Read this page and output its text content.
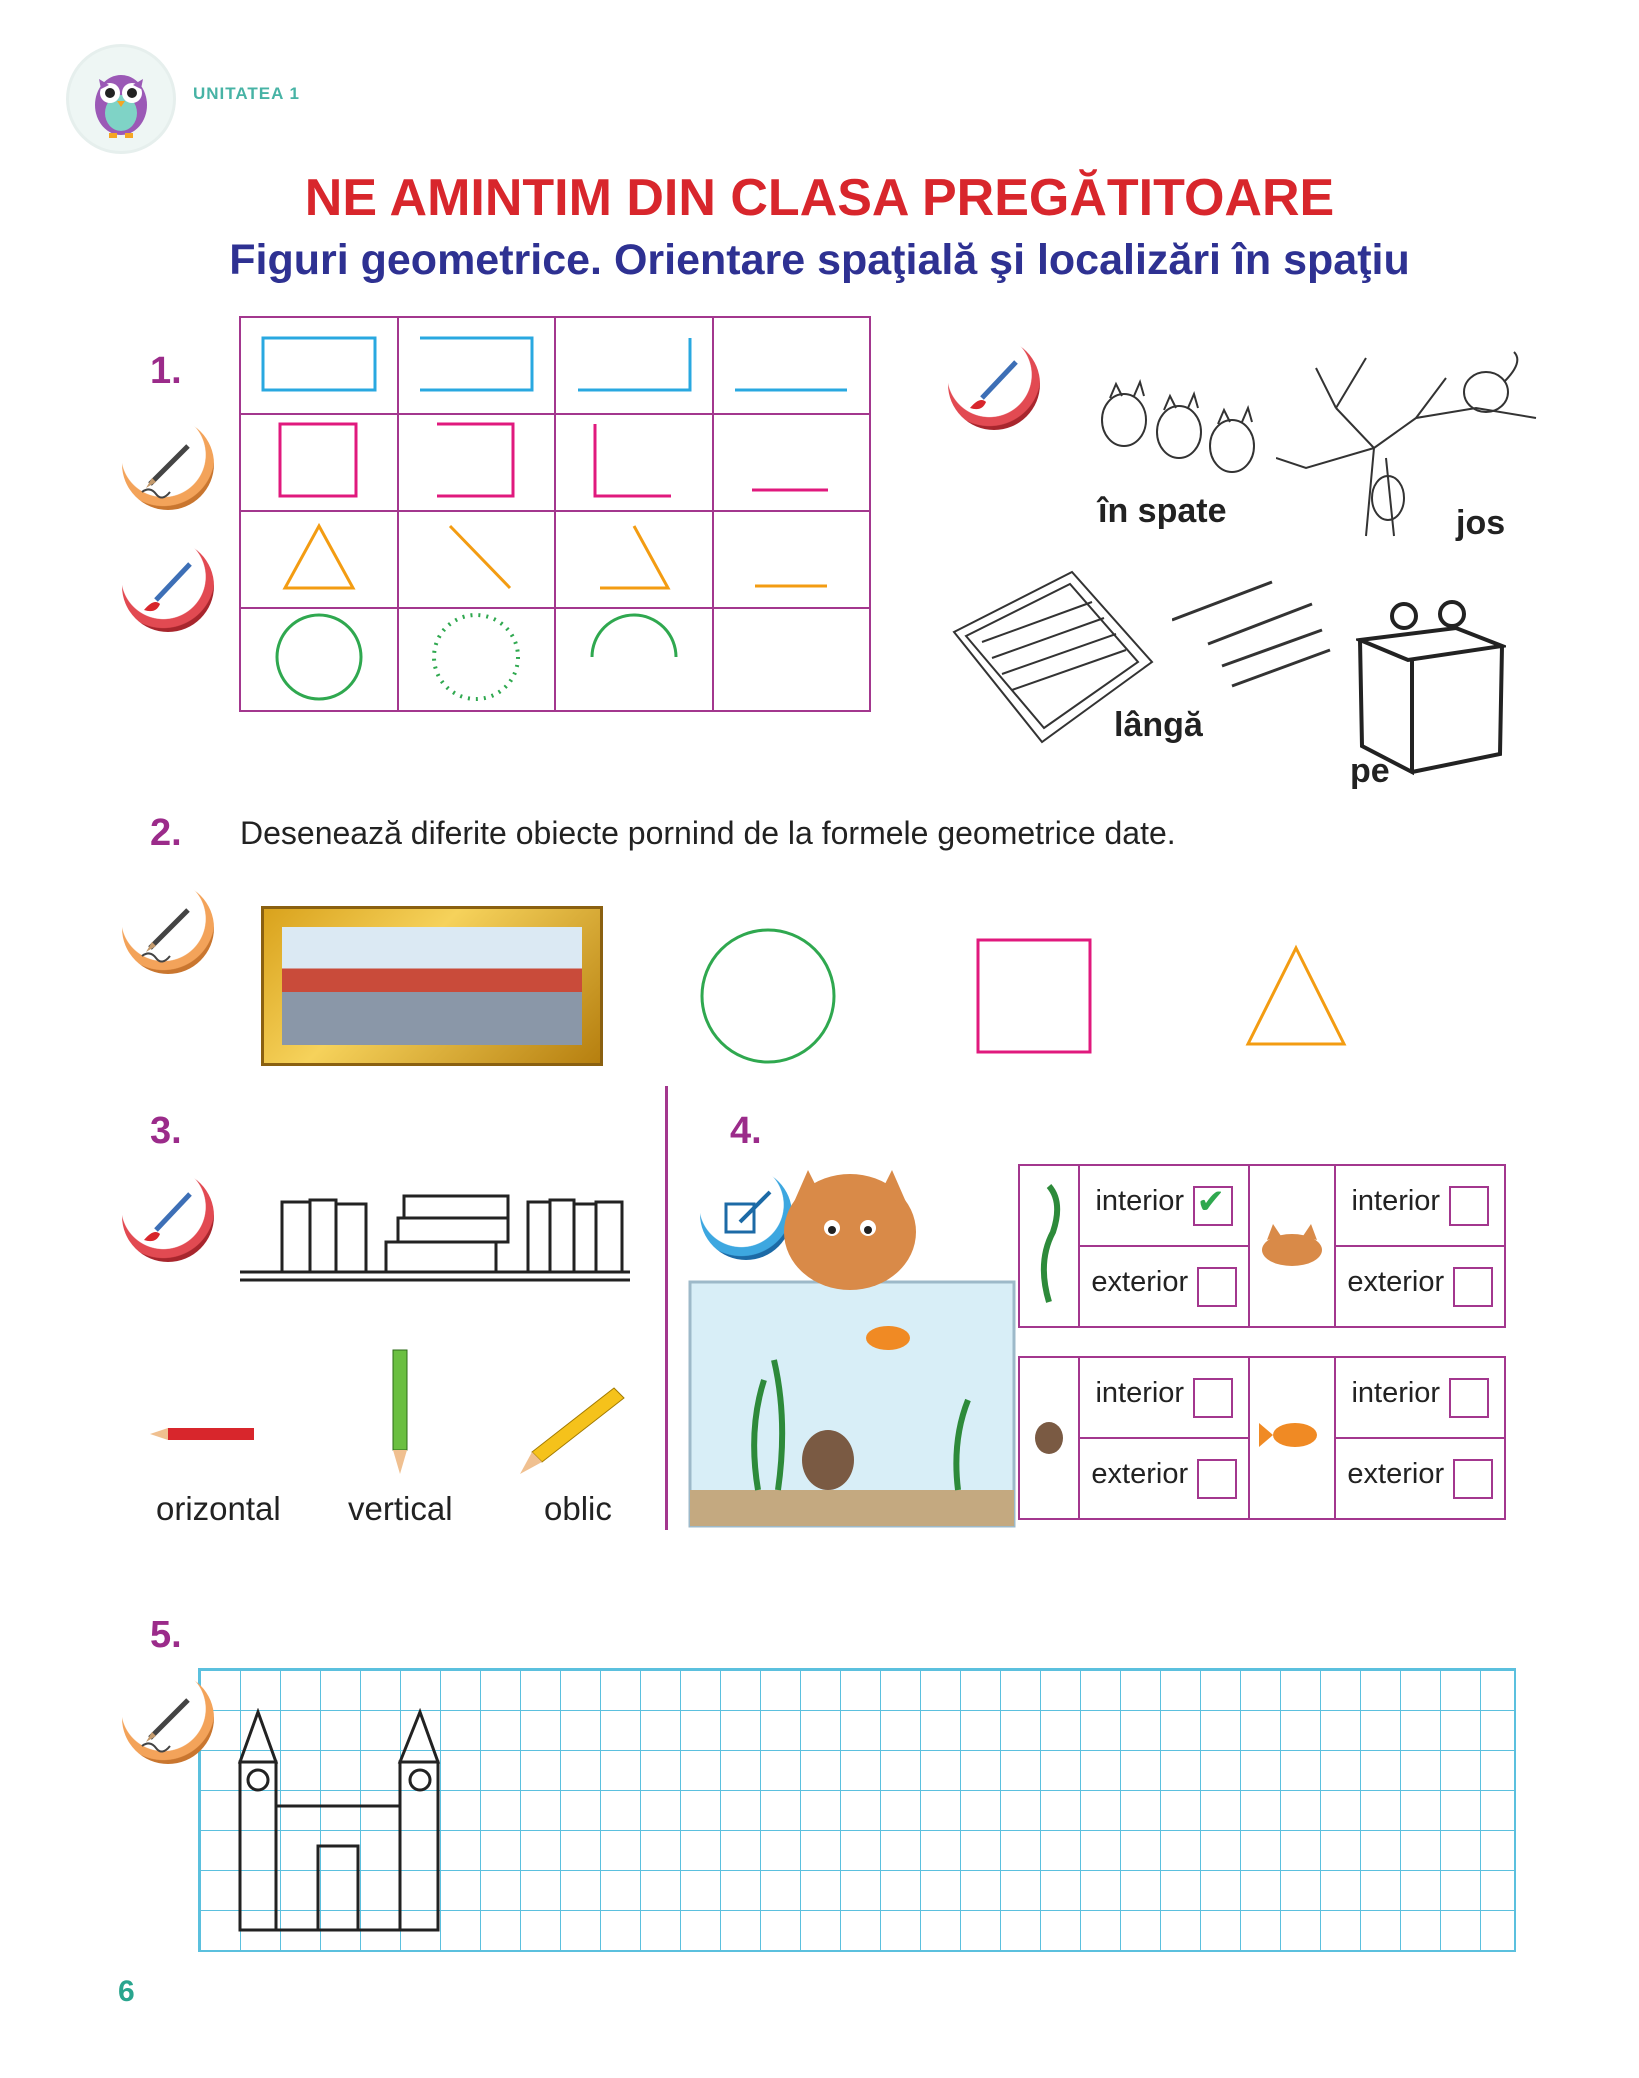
UNITATEA 1
NE AMINTIM DIN CLASA PREGĂTITOARE
Figuri geometrice. Orientare spaţială şi localizări în spaţiu
1.

în spate	jos
lângă
pe
2. Desenează diferite obiecte pornind de la formele geometrice date.
3.
orizontal vertical	oblic
4.
	interior ✔		interior
	exterior		exterior
	interior		interior
	exterior		exterior
5.
6
